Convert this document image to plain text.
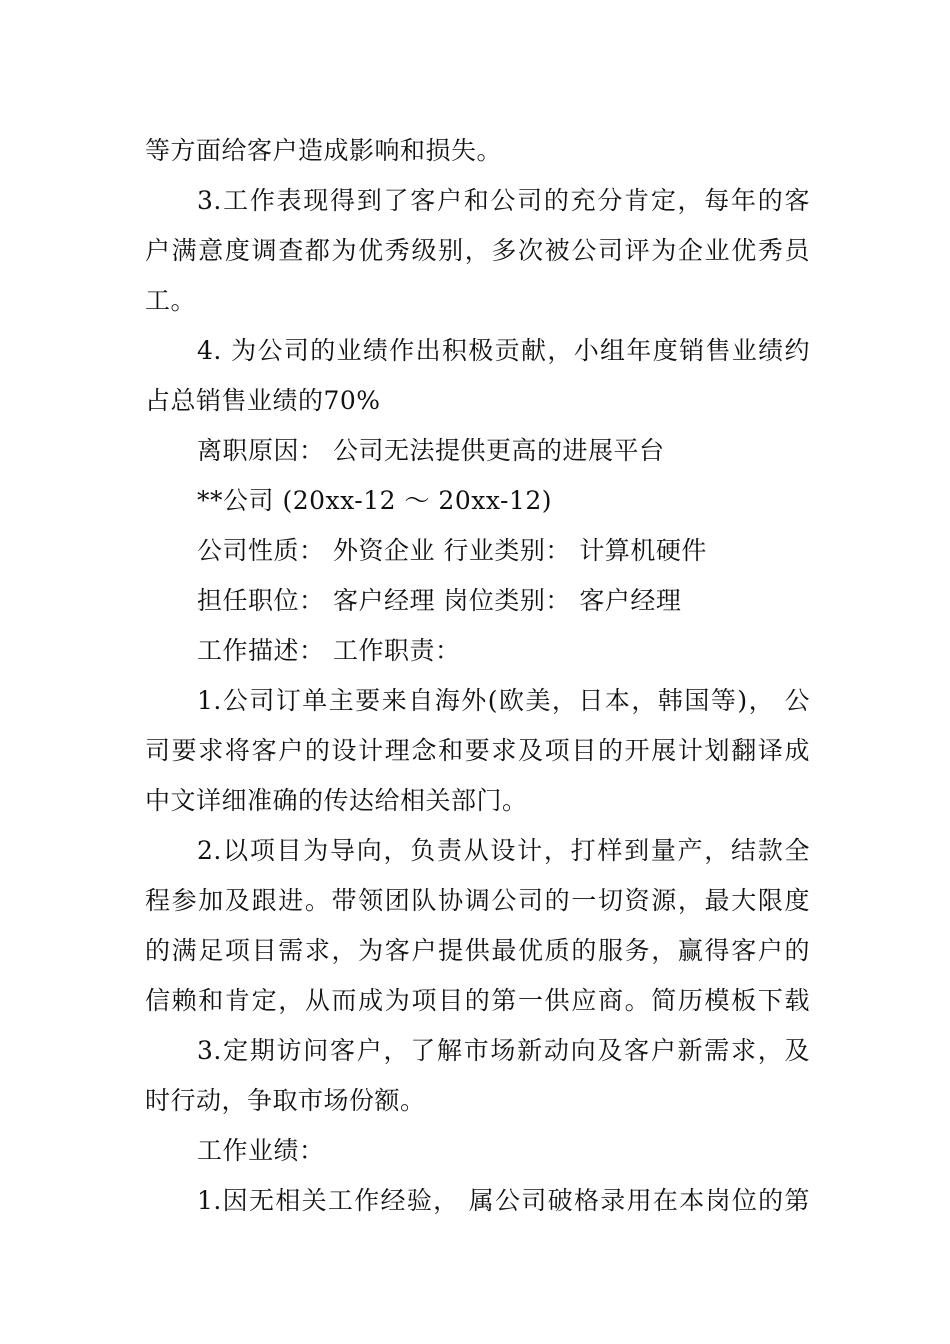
等方面给客户造成影响和损失。
3.工作表现得到了客户和公司的充分肯定，每年的客
户满意度调查都为优秀级别，多次被公司评为企业优秀员
工。
4. 为公司的业绩作出积极贡献，小组年度销售业绩约
占总销售业绩的70%
离职原因： 公司无法提供更高的进展平台
**公司 (20xx-12 ～ 20xx-12)
公司性质： 外资企业 行业类别： 计算机硬件
担任职位： 客户经理 岗位类别： 客户经理
工作描述： 工作职责：
1.公司订单主要来自海外(欧美，日本，韩国等)， 公
司要求将客户的设计理念和要求及项目的开展计划翻译成
中文详细准确的传达给相关部门。
2.以项目为导向，负责从设计，打样到量产，结款全
程参加及跟进。带领团队协调公司的一切资源，最大限度
的满足项目需求，为客户提供最优质的服务，赢得客户的
信赖和肯定，从而成为项目的第一供应商。简历模板下载
3.定期访问客户，了解市场新动向及客户新需求，及
时行动，争取市场份额。
工作业绩：
1.因无相关工作经验， 属公司破格录用在本岗位的第
